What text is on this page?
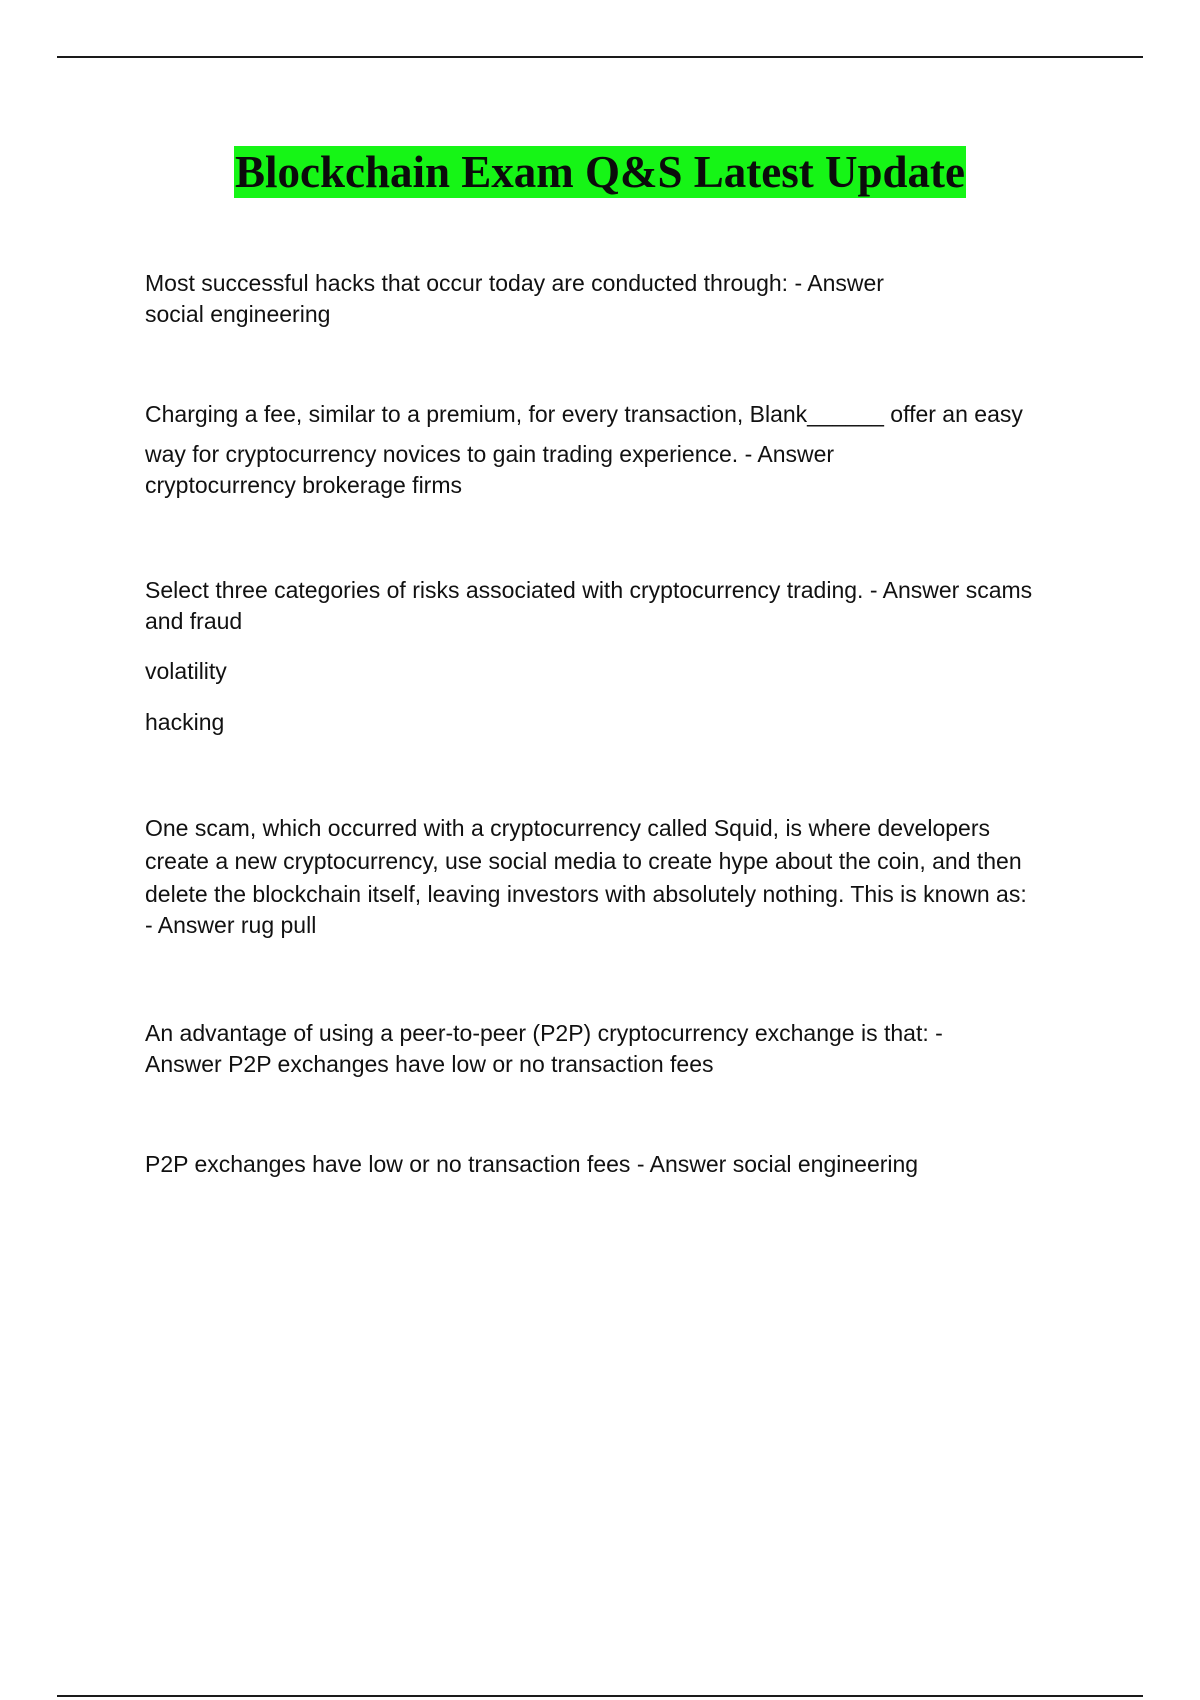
Blockchain Exam Q&S Latest Update
Most successful hacks that occur today are conducted through: - Answer
social engineering
Charging a fee, similar to a premium, for every transaction, Blank______ offer an easy
way for cryptocurrency novices to gain trading experience. - Answer
cryptocurrency brokerage firms
Select three categories of risks associated with cryptocurrency trading. - Answer scams
and fraud
volatility
hacking
One scam, which occurred with a cryptocurrency called Squid, is where developers
create a new cryptocurrency, use social media to create hype about the coin, and then
delete the blockchain itself, leaving investors with absolutely nothing. This is known as:
- Answer rug pull
An advantage of using a peer-to-peer (P2P) cryptocurrency exchange is that: -
Answer P2P exchanges have low or no transaction fees
P2P exchanges have low or no transaction fees - Answer social engineering
